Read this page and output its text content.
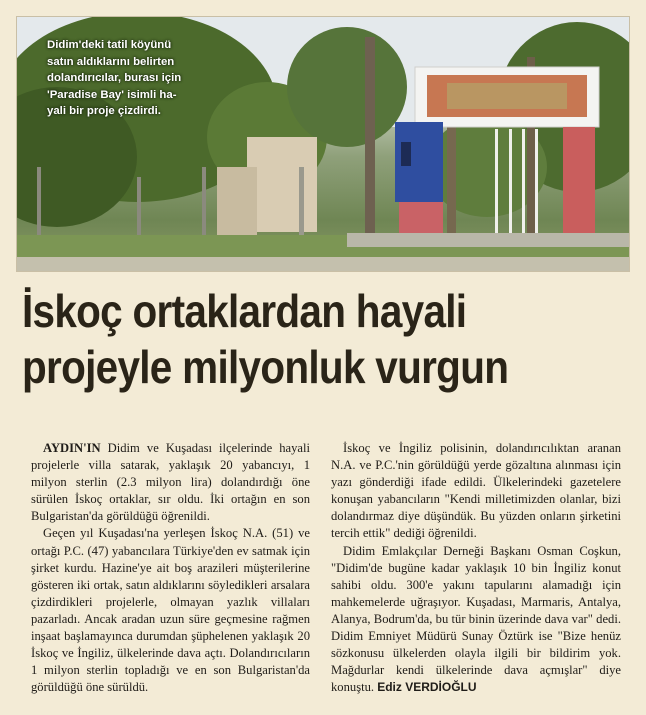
Didim'deki tatil köyünü
satın aldıklarını belirten
dolandırıcılar, burası için
'Paradise Bay' isimli ha-
yali bir proje çizdirdi.
İskoç ortaklardan hayali
projeyle milyonluk vurgun

AYDIN'IN Didim ve Kuşadası ilçelerinde hayali projelerle villa satarak, yaklaşık 20 yabancıyı, 1 milyon sterlin (2.3 milyon lira) dolandırdığı öne sürülen İskoç ortaklar, sır oldu. İki ortağın en son Bulgaristan'da görüldüğü öğrenildi.

Geçen yıl Kuşadası'na yerleşen İskoç N.A. (51) ve ortağı P.C. (47) yabancılara Türkiye'den ev satmak için şirket kurdu. Hazine'ye ait boş arazileri müşterilerine gösteren iki ortak, satın aldıklarını söyledikleri arsalara çizdirdikleri projelerle, olmayan yazlık villaları pazarladı. Ancak aradan uzun süre geçmesine rağmen inşaat başlamayınca durumdan şüphelenen yaklaşık 20 İskoç ve İngiliz, ülkelerinde dava açtı. Dolandırıcıların 1 milyon sterlin topladığı ve en son Bulgaristan'da görüldüğü öne sürüldü.

İskoç ve İngiliz polisinin, dolandırıcılıktan aranan N.A. ve P.C.'nin görüldüğü yerde gözaltına alınması için yazı gönderdiği ifade edildi. Ülkelerindeki gazetelere konuşan yabancıların "Kendi milletimizden olanlar, bizi dolandırmaz diye düşündük. Bu yüzden onların şirketini tercih ettik" dediği öğrenildi.

Didim Emlakçılar Derneği Başkanı Osman Coşkun, "Didim'de bugüne kadar yaklaşık 10 bin İngiliz konut sahibi oldu. 300'e yakını tapularını alamadığı için mahkemelerde uğraşıyor. Kuşadası, Marmaris, Antalya, Alanya, Bodrum'da, bu tür binin üzerinde dava var" dedi. Didim Emniyet Müdürü Sunay Öztürk ise "Bize henüz sözkonusu ülkelerden olayla ilgili bir bildirim yok. Mağdurlar kendi ülkelerinde dava açmışlar" diye konuştu. Ediz VERDİOĞLU
